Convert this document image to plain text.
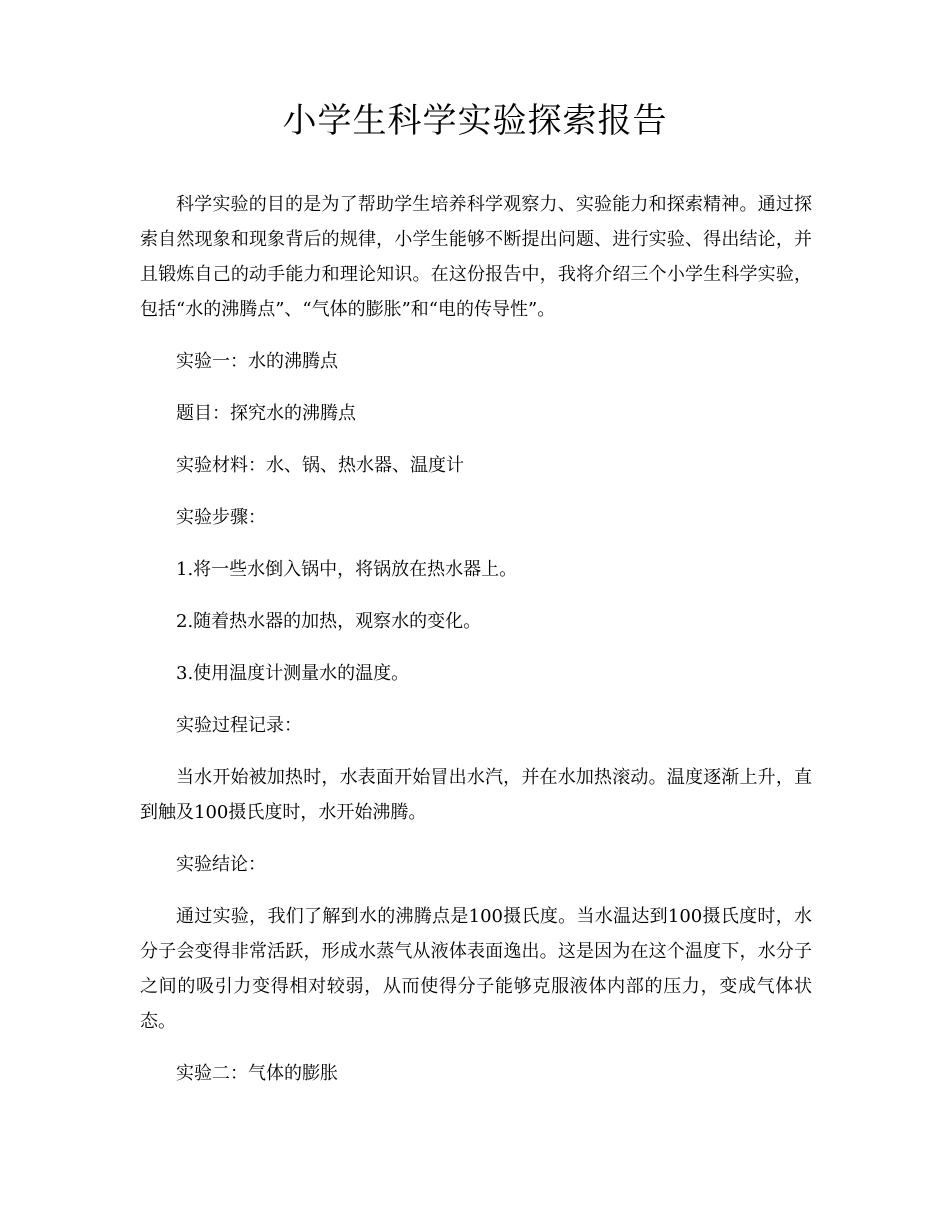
小学生科学实验探索报告

科学实验的目的是为了帮助学生培养科学观察力、实验能力和探索精神。通过探索自然现象和现象背后的规律，小学生能够不断提出问题、进行实验、得出结论，并且锻炼自己的动手能力和理论知识。在这份报告中，我将介绍三个小学生科学实验，包括“水的沸腾点”、“气体的膨胀”和“电的传导性”。

实验一：水的沸腾点

题目：探究水的沸腾点

实验材料：水、锅、热水器、温度计

实验步骤：

1.将一些水倒入锅中，将锅放在热水器上。

2.随着热水器的加热，观察水的变化。

3.使用温度计测量水的温度。

实验过程记录：

当水开始被加热时，水表面开始冒出水汽，并在水加热滚动。温度逐渐上升，直到触及100摄氏度时，水开始沸腾。

实验结论：

通过实验，我们了解到水的沸腾点是100摄氏度。当水温达到100摄氏度时，水分子会变得非常活跃，形成水蒸气从液体表面逸出。这是因为在这个温度下，水分子之间的吸引力变得相对较弱，从而使得分子能够克服液体内部的压力，变成气体状态。

实验二：气体的膨胀
